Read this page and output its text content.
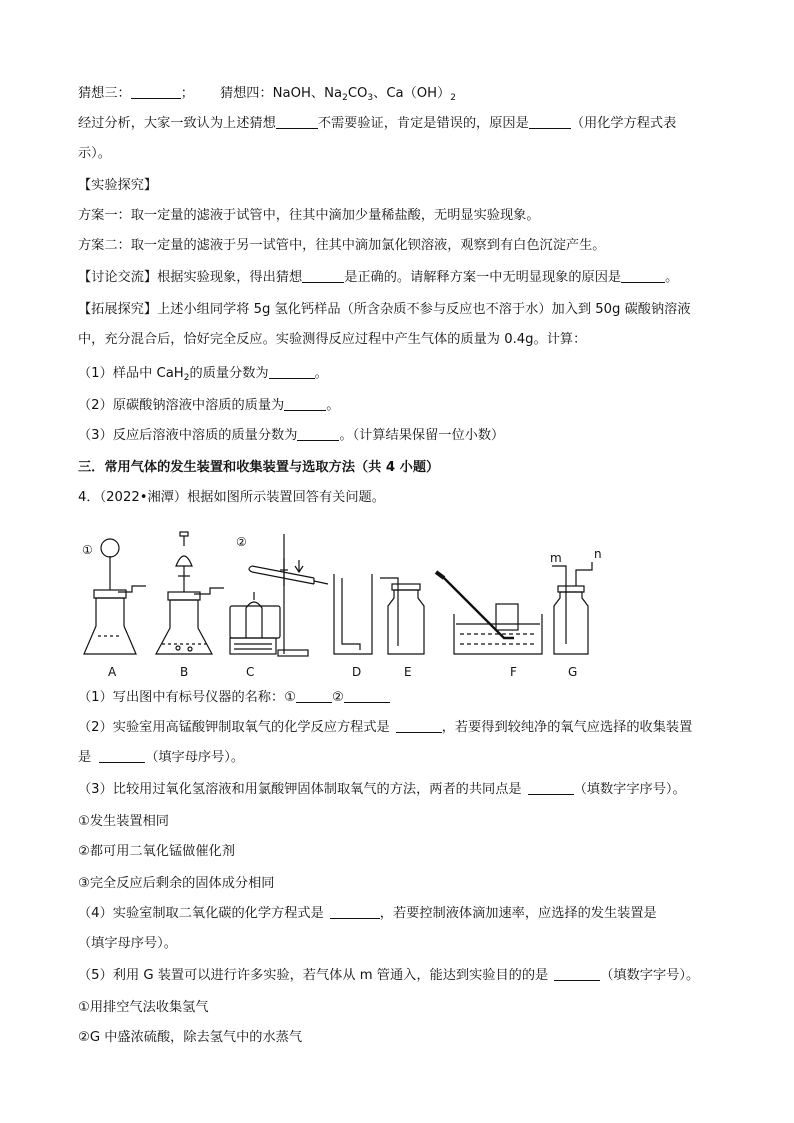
猜想三：	； 猜想四：NaOH、$Na_2CO_3$、$Ca(OH)_2$
经过分析，大家一致认为上述猜想	不需要验证，肯定是错误的，原因是	（用化学方程式表
示）。
【实验探究】
方案一：取一定量的滤液于试管中，往其中滴加少量稀盐酸，无明显实验现象。
方案二：取一定量的滤液于另一试管中，往其中滴加氯化钡溶液，观察到有白色沉淀产生。
【讨论交流】根据实验现象，得出猜想	是正确的。请解释方案一中无明显现象的原因是	。
【拓展探究】上述小组同学将 5g 氢化钙样品（所含杂质不参与反应也不溶于水）加入到 50g 碳酸钠溶液
中，充分混合后，恰好完全反应。实验测得反应过程中产生气体的质量为 0.4g。计算：
（1）样品中 CaH$_2$的质量分数为	。
（2）原碳酸钠溶液中溶质的质量为	。
（3）反应后溶液中溶质的质量分数为	。（计算结果保留一位小数）
三．常用气体的发生装置和收集装置与选取方法（共 4 小题）
4．（2022•湘潭）根据如图所示装置回答有关问题。
①
②
m	n
A	B	C	D	E	F	G
（1）写出图中有标号仪器的名称：①	②
（2）实验室用高锰酸钾制取氧气的化学反应方程式是	，若要得到较纯净的氧气应选择的收集装置
是	（填字母序号）。
（3）比较用过氧化氢溶液和用氯酸钾固体制取氧气的方法，两者的共同点是	（填数字字序号）。
①发生装置相同
②都可用二氧化锰做催化剂
③完全反应后剩余的固体成分相同
（4）实验室制取二氧化碳的化学方程式是	，若要控制液体滴加速率，应选择的发生装置是
（填字母序号）。
（5）利用 G 装置可以进行许多实验，若气体从 m 管通入，能达到实验目的的是	（填数字字号）。
①用排空气法收集氢气
②G 中盛浓硫酸，除去氢气中的水蒸气
